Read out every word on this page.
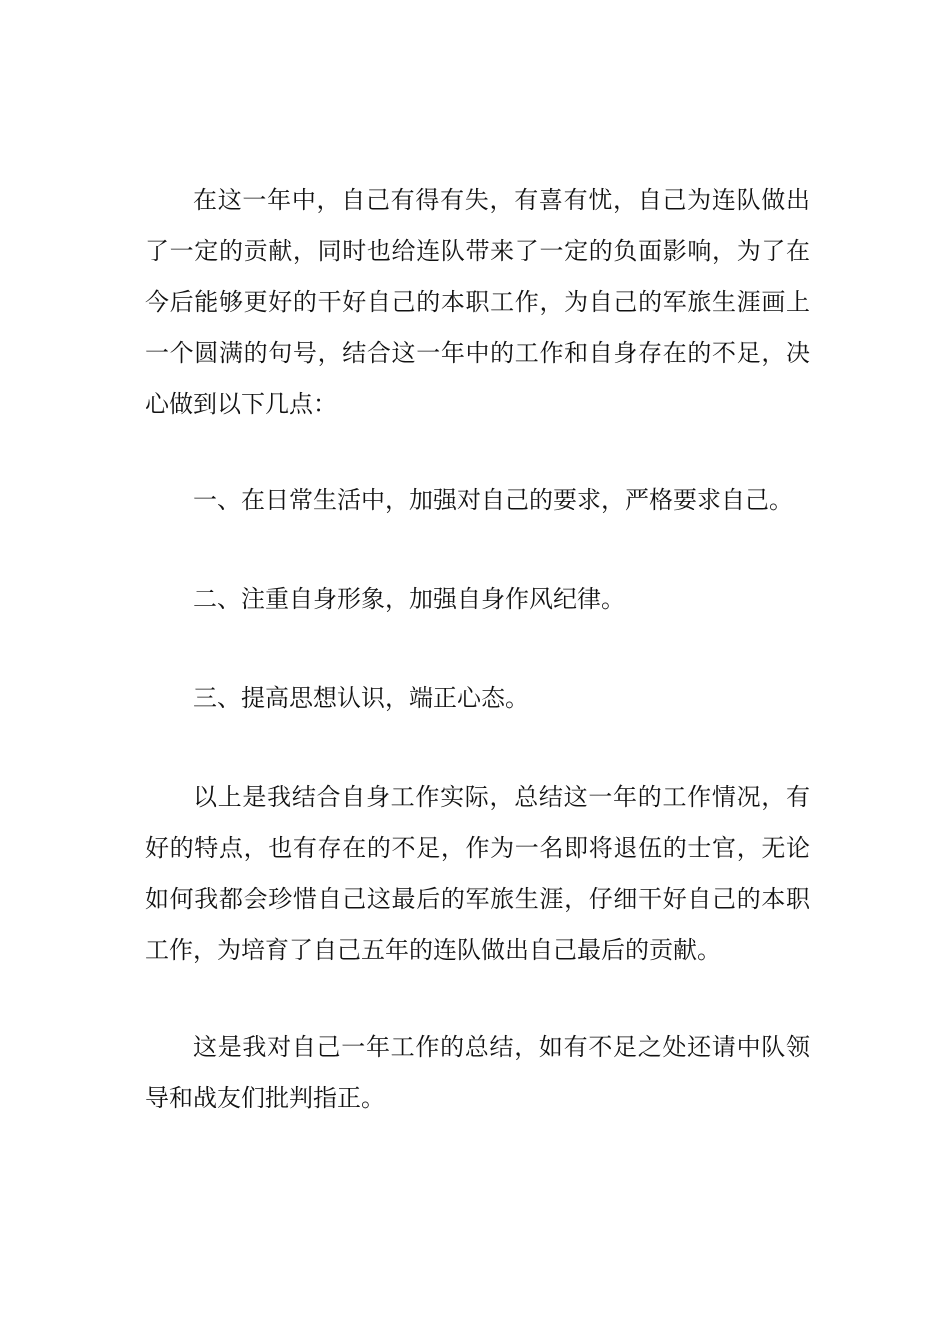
在这一年中，自己有得有失，有喜有忧，自己为连队做出了一定的贡献，同时也给连队带来了一定的负面影响，为了在今后能够更好的干好自己的本职工作，为自己的军旅生涯画上一个圆满的句号，结合这一年中的工作和自身存在的不足，决心做到以下几点：

一、在日常生活中，加强对自己的要求，严格要求自己。

二、注重自身形象，加强自身作风纪律。

三、提高思想认识，端正心态。

以上是我结合自身工作实际，总结这一年的工作情况，有好的特点，也有存在的不足，作为一名即将退伍的士官，无论如何我都会珍惜自己这最后的军旅生涯，仔细干好自己的本职工作，为培育了自己五年的连队做出自己最后的贡献。

这是我对自己一年工作的总结，如有不足之处还请中队领导和战友们批判指正。
